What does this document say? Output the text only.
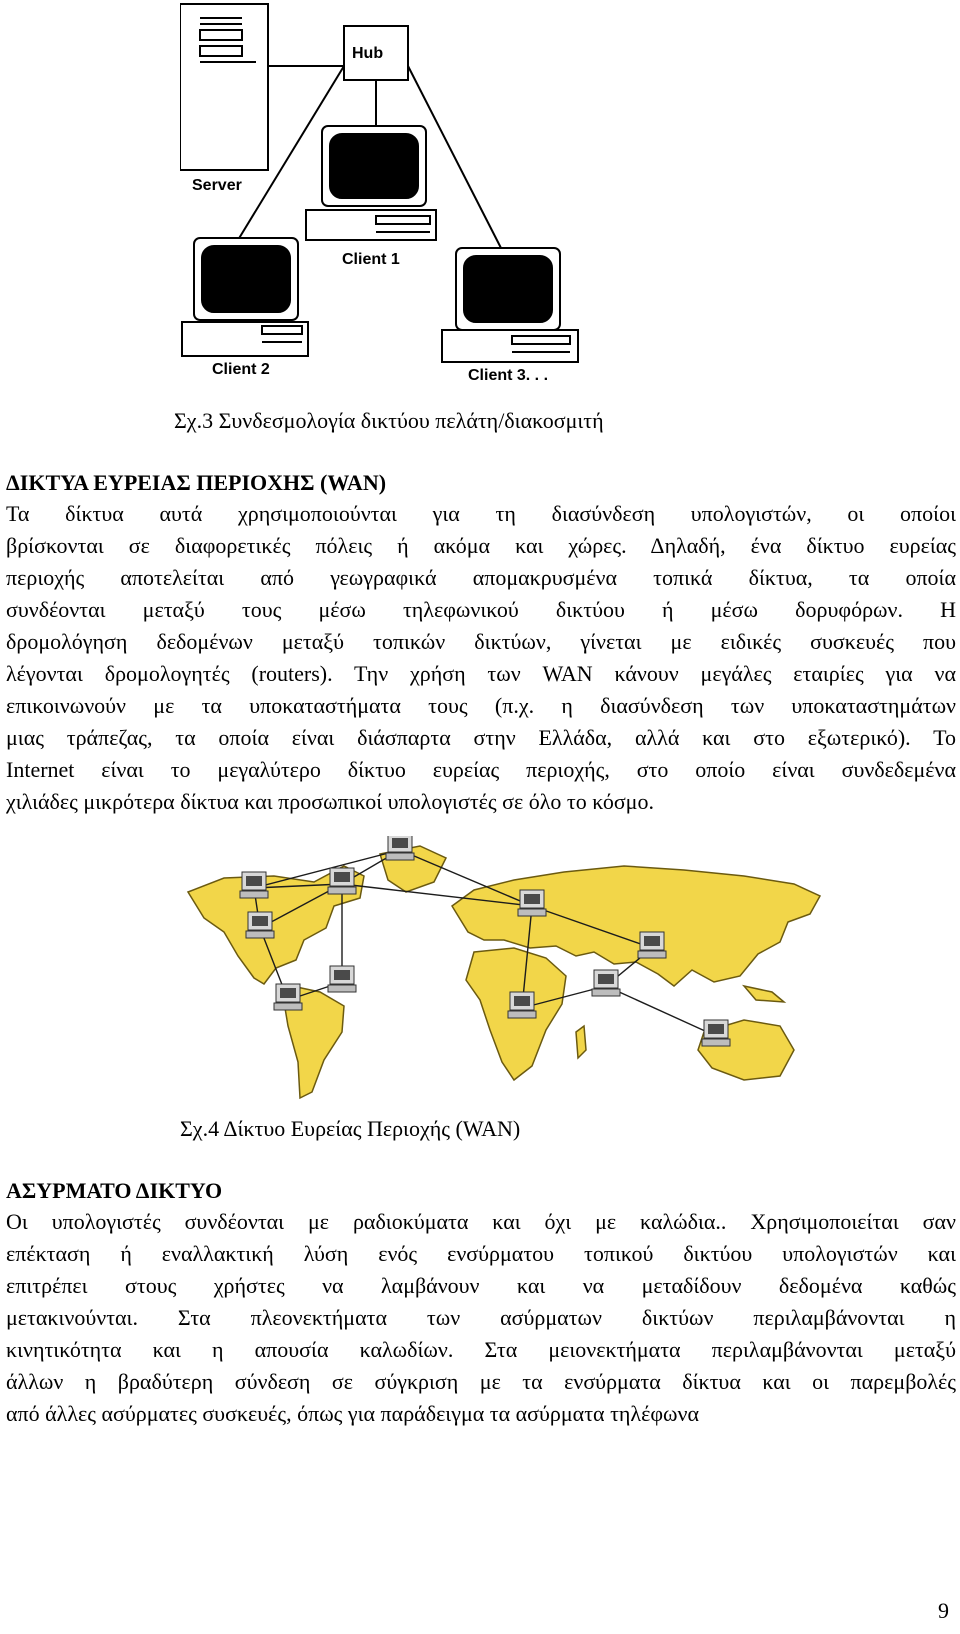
Hub
Server
Client 1
Client 2	Client 3. . .
Σχ.3 Συνδεσμολογία δικτύου πελάτη/διακοσμιτή
ΔΙΚΤΥΑ ΕΥΡΕΙΑΣ ΠΕΡΙΟΧΗΣ (WAN)
Τα δίκτυα αυτά χρησιμοποιούνται για τη διασύνδεση υπολογιστών, οι οποίοι
βρίσκονται σε διαφορετικές πόλεις ή ακόμα και χώρες. Δηλαδή, ένα δίκτυο ευρείας
περιοχής αποτελείται από γεωγραφικά απομακρυσμένα τοπικά δίκτυα, τα οποία
συνδέονται μεταξύ τους μέσω τηλεφωνικού δικτύου ή μέσω δορυφόρων. Η
δρομολόγηση δεδομένων μεταξύ τοπικών δικτύων, γίνεται με ειδικές συσκευές που
λέγονται δρομολογητές (routers). Την χρήση των WAN κάνουν μεγάλες εταιρίες για να
επικοινωνούν με τα υποκαταστήματα τους (π.χ. η διασύνδεση των υποκαταστημάτων
μιας τράπεζας, τα οποία είναι διάσπαρτα στην Ελλάδα, αλλά και στο εξωτερικό). Το
Internet είναι το μεγαλύτερο δίκτυο ευρείας περιοχής, στο οποίο είναι συνδεδεμένα
χιλιάδες μικρότερα δίκτυα και προσωπικοί υπολογιστές σε όλο το κόσμο.
Σχ.4 Δίκτυο Ευρείας Περιοχής (WAN)
ΑΣΥΡΜΑΤΟ ΔΙΚΤΥΟ
Οι υπολογιστές συνδέονται με ραδιοκύματα και όχι με καλώδια.. Χρησιμοποιείται σαν
επέκταση ή εναλλακτική λύση ενός ενσύρματου τοπικού δικτύου υπολογιστών και
επιτρέπει στους χρήστες να λαμβάνουν και να μεταδίδουν δεδομένα καθώς
μετακινούνται. Στα πλεονεκτήματα των ασύρματων δικτύων περιλαμβάνονται η
κινητικότητα και η απουσία καλωδίων. Στα μειονεκτήματα περιλαμβάνονται μεταξύ
άλλων η βραδύτερη σύνδεση σε σύγκριση με τα ενσύρματα δίκτυα και οι παρεμβολές
από άλλες ασύρματες συσκευές, όπως για παράδειγμα τα ασύρματα τηλέφωνα
9
